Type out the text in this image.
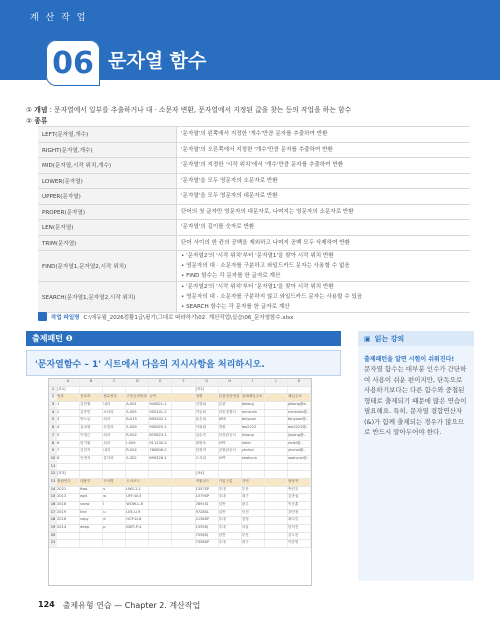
계 산 작 업
06 문자열 함수
① 개념 : 문자열에서 일부를 추출하거나 대 · 소문자 변환, 문자열에서 지정된 값을 찾는 등의 작업을 하는 함수
② 종류
LEFT(문자열,개수)	'문자열'의 왼쪽에서 지정한 '개수'만큼 문자를 추출하여 반환

RIGHT(문자열,개수)	'문자열'의 오른쪽에서 지정한 '개수'만큼 문자를 추출하여 반환

MID(문자열,시작 위치,개수)	'문자열'의 지정한 '시작 위치'에서 '개수'만큼 문자를 추출하여 반환

LOWER(문자열)	'문자열'을 모두 영문자의 소문자로 반환

UPPER(문자열)	'문자열'을 모두 영문자의 대문자로 반환

PROPER(문자열)	단어의 첫 글자만 영문자의 대문자로, 나머지는 영문자의 소문자로 반환

LEN(문자열)	'문자열'의 길이를 숫자로 반환

TRIM(문자열)	단어 사이의 한 칸의 공백을 제외하고 나머지 공백 모두 삭제하여 반환

FIND(문자열1,문자열2,시작 위치)	• '문자열2'의 '시작 위치'부터 '문자열1'을 찾아 시작 위치 반환
• 영문자의 대 · 소문자를 구분하고 와일드카드 문자는 사용할 수 없음
• FIND 함수는 각 문자를 한 글자로 계산

SEARCH(문자열1,문자열2,시작 위치)	• '문자열2'의 '시작 위치'부터 '문자열1'을 찾아 시작 위치 반환
• 영문자의 대 · 소문자를 구분하지 않고 와일드카드 문자는 사용할 수 있음
• SEARCH 함수는 각 문자를 한 글자로 계산
작업 파일명 C:\에듀윌_2026컴활1급\필기\그대로 따라하기\02. 계산작업\실습\06_문자열함수.xlsx
출제패턴 ❶
'문자열함수 – 1' 시트에서 다음의 지시사항을 처리하시오.
A	B	C	D	E	F	G	H	I	J	K
1 [표1]	[표2]
2 번호	진료과	접수번호	주민등록번호 나이	성명	본관검증정설 업체메일주소	메일주소
3 1	김민철	내과	A-001	940621-1	김영희	본관	jekang	jekang@e..
4 2	김종민	소아과	S-005	950101-2	이동희	과동경찰서	minsmin	minsmin@..
5 3	박노들	외과	B-015	890302-1	윤순희	ARS	binyoon	binyoon@..
6 4	유치형	신경과	S-009	900925-1	이희원	경원	leo2222	leo2222@..
7 5	이정근	외과	R-002	870823-1	임수진	인천관공사	jinjang	jinjang@..
8 6	한기원	치과	I-009	911230-2	최영숙	OPT	rlelel	rlelel@..
9 7	김민지	내과	R-002	780806-2	한정미	공원관공사	yhchoi	yhchoi@..
10 8	인정석	유아과	S-302	890528-1	도서희	OPT	soohyun	soohyun@..
11
12 [표3]	[표4]
13 출판연도	내용부	도서명	도서코드	직원코드	가입구분	지역	담당자
14 2021	fiwo	s	LWS-2-1	1357SP	우대	부산	박진우
15 2013	egit	w	UFF-W-3	1579SP	우대	대구	김종섭
16 2018	snow	l	WOW-L-8	7891SJ	일반	광주	이승훈
17 2019	line	u	LEE-U-9	9728SL	일반	인천	강민정
18 2016	copy	d	OCP-D-6	2136SP	우대	검정	최다슬
19 2014	deep	p	IDEP-P-4	1539SJ	우대	서울	한석진
20	7556SJ	일반	부산	김도현
21	7358SP	우대	대구	이한영
▣ 읽는 강의
출제패턴을 알면 시험이 쉬워진다!
문자열 함수는 대부분 인수가 간단하여 사용이 쉬운 편이지만, 단독으로 사용하기보다는 다른 함수와 중첩된 형태로 출제되기 때문에 많은 연습이 필요해요. 특히, 문자열 결합연산자(&)가 함께 출제되는 경우가 많으므로 반드시 알아두어야 한다.
124 출제유형 연습 — Chapter 2. 계산작업
